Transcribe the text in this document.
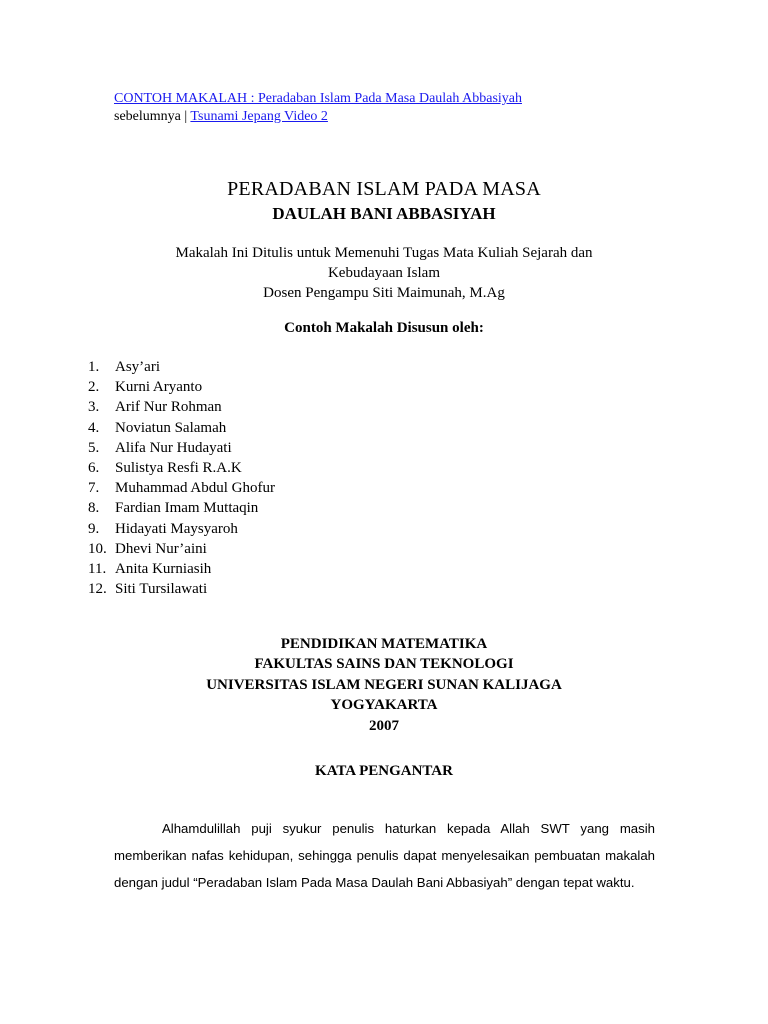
CONTOH MAKALAH : Peradaban Islam Pada Masa Daulah Abbasiyah
sebelumnya | Tsunami Jepang Video 2
PERADABAN ISLAM PADA MASA
DAULAH BANI ABBASIYAH
Makalah Ini Ditulis untuk Memenuhi Tugas Mata Kuliah Sejarah dan
Kebudayaan Islam
Dosen Pengampu Siti Maimunah, M.Ag
Contoh Makalah Disusun oleh:
1. Asy’ari
2. Kurni Aryanto
3. Arif Nur Rohman
4. Noviatun Salamah
5. Alifa Nur Hudayati
6. Sulistya Resfi R.A.K
7. Muhammad Abdul Ghofur
8. Fardian Imam Muttaqin
9. Hidayati Maysyaroh
10. Dhevi Nur’aini
11. Anita Kurniasih
12. Siti Tursilawati
PENDIDIKAN MATEMATIKA
FAKULTAS SAINS DAN TEKNOLOGI
UNIVERSITAS ISLAM NEGERI SUNAN KALIJAGA
YOGYAKARTA
2007
KATA PENGANTAR
Alhamdulillah puji syukur penulis haturkan kepada Allah SWT yang masih memberikan nafas kehidupan, sehingga penulis dapat menyelesaikan pembuatan makalah dengan judul “Peradaban Islam Pada Masa Daulah Bani Abbasiyah” dengan tepat waktu.
